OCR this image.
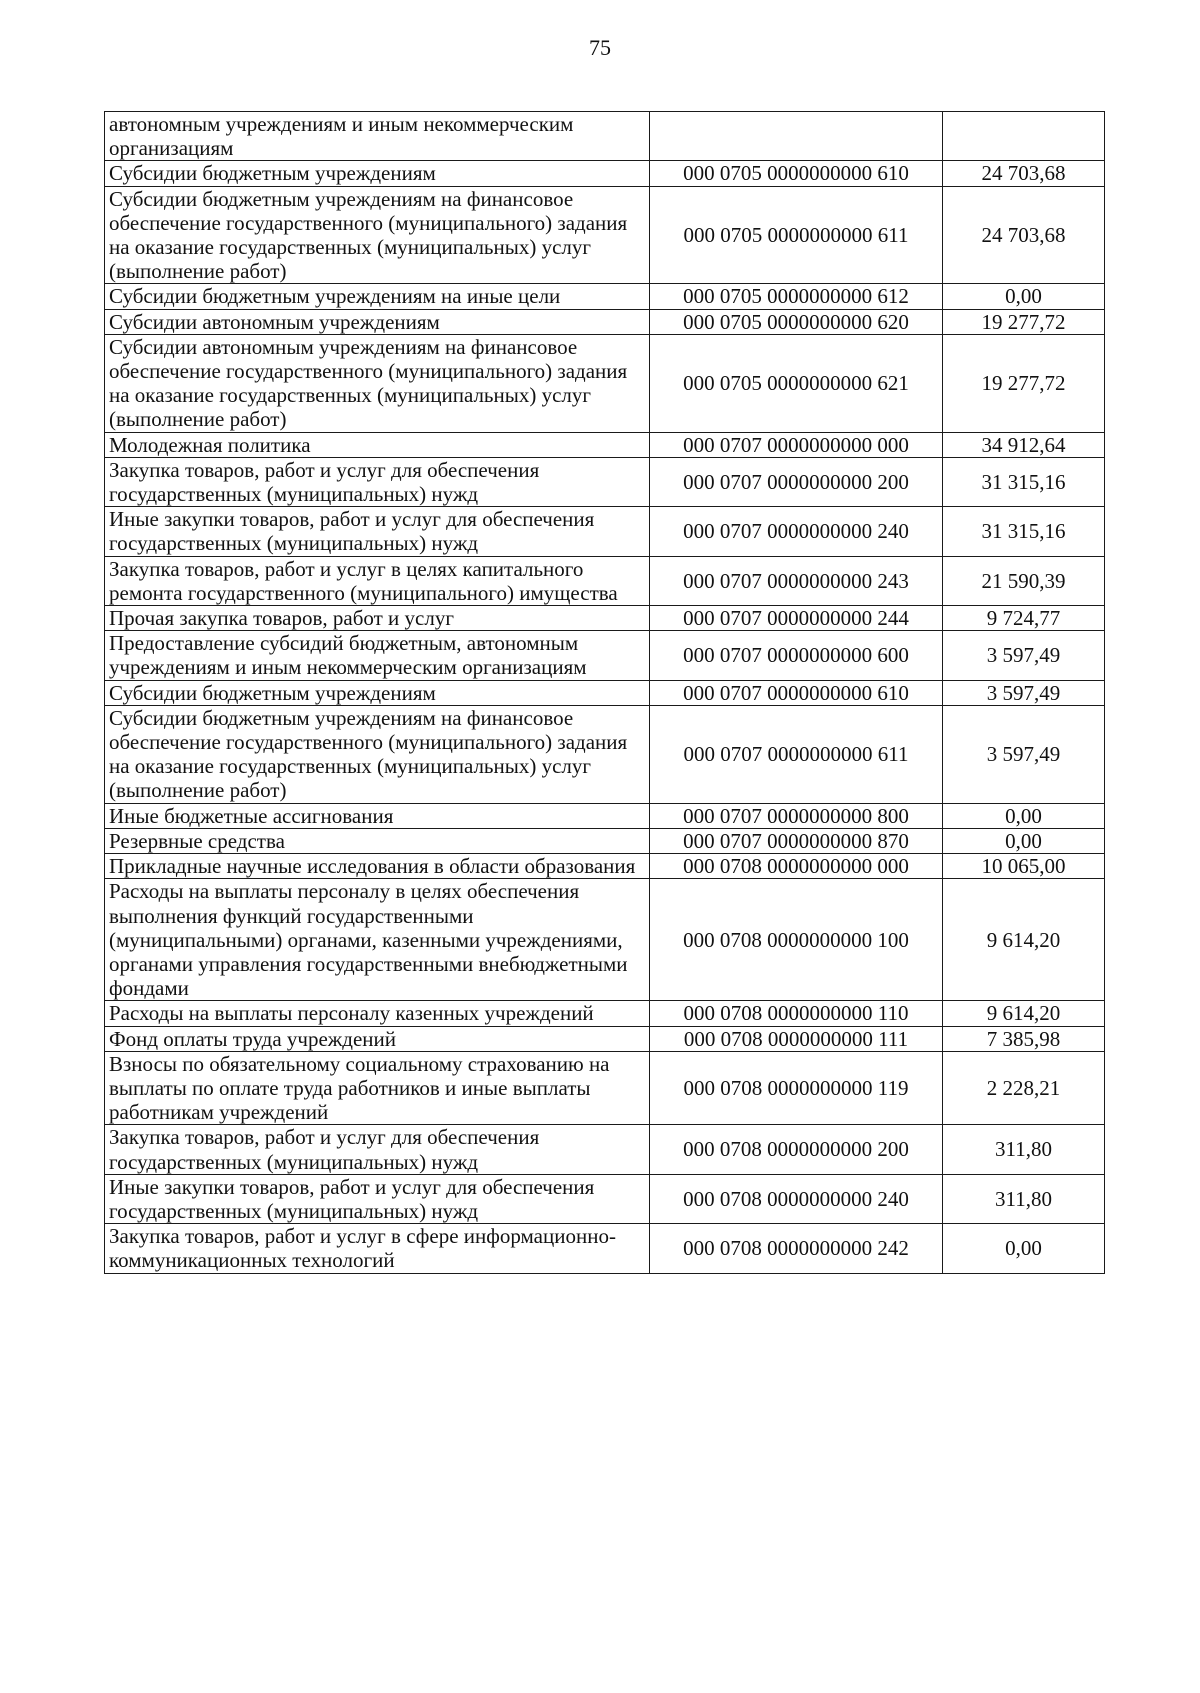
75
автономным учреждениям и иным некоммерческим организациям		
Субсидии бюджетным учреждениям	000 0705 0000000000 610	24 703,68
Субсидии бюджетным учреждениям на финансовое обеспечение государственного (муниципального) задания на оказание государственных (муниципальных) услуг (выполнение работ)	000 0705 0000000000 611	24 703,68
Субсидии бюджетным учреждениям на иные цели	000 0705 0000000000 612	0,00
Субсидии автономным учреждениям	000 0705 0000000000 620	19 277,72
Субсидии автономным учреждениям на финансовое обеспечение государственного (муниципального) задания на оказание государственных (муниципальных) услуг (выполнение работ)	000 0705 0000000000 621	19 277,72
Молодежная политика	000 0707 0000000000 000	34 912,64
Закупка товаров, работ и услуг для обеспечения государственных (муниципальных) нужд	000 0707 0000000000 200	31 315,16
Иные закупки товаров, работ и услуг для обеспечения государственных (муниципальных) нужд	000 0707 0000000000 240	31 315,16
Закупка товаров, работ и услуг в целях капитального ремонта государственного (муниципального) имущества	000 0707 0000000000 243	21 590,39
Прочая закупка товаров, работ и услуг	000 0707 0000000000 244	9 724,77
Предоставление субсидий бюджетным, автономным учреждениям и иным некоммерческим организациям	000 0707 0000000000 600	3 597,49
Субсидии бюджетным учреждениям	000 0707 0000000000 610	3 597,49
Субсидии бюджетным учреждениям на финансовое обеспечение государственного (муниципального) задания на оказание государственных (муниципальных) услуг (выполнение работ)	000 0707 0000000000 611	3 597,49
Иные бюджетные ассигнования	000 0707 0000000000 800	0,00
Резервные средства	000 0707 0000000000 870	0,00
Прикладные научные исследования в области образования	000 0708 0000000000 000	10 065,00
Расходы на выплаты персоналу в целях обеспечения выполнения функций государственными (муниципальными) органами, казенными учреждениями, органами управления государственными внебюджетными фондами	000 0708 0000000000 100	9 614,20
Расходы на выплаты персоналу казенных учреждений	000 0708 0000000000 110	9 614,20
Фонд оплаты труда учреждений	000 0708 0000000000 111	7 385,98
Взносы по обязательному социальному страхованию на выплаты по оплате труда работников и иные выплаты работникам учреждений	000 0708 0000000000 119	2 228,21
Закупка товаров, работ и услуг для обеспечения государственных (муниципальных) нужд	000 0708 0000000000 200	311,80
Иные закупки товаров, работ и услуг для обеспечения государственных (муниципальных) нужд	000 0708 0000000000 240	311,80
Закупка товаров, работ и услуг в сфере информационно-коммуникационных технологий	000 0708 0000000000 242	0,00
